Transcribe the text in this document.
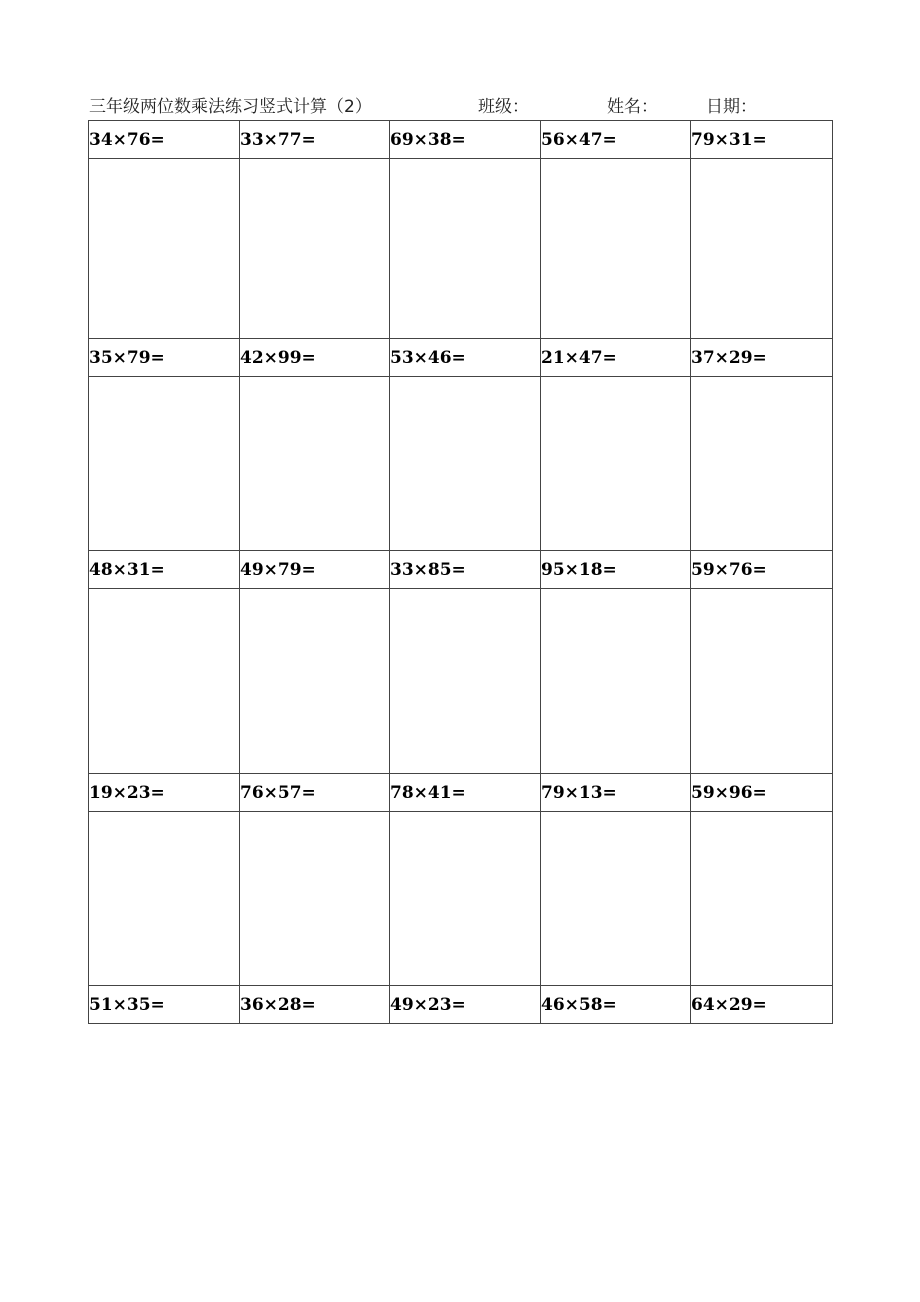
三年级两位数乘法练习竖式计算（2）	班级：	姓名：	日期：
34×76=	33×77=	69×38=	56×47=	79×31=

35×79=	42×99=	53×46=	21×47=	37×29=

48×31=	49×79=	33×85=	95×18=	59×76=

19×23=	76×57=	78×41=	79×13=	59×96=

51×35=	36×28=	49×23=	46×58=	64×29=
